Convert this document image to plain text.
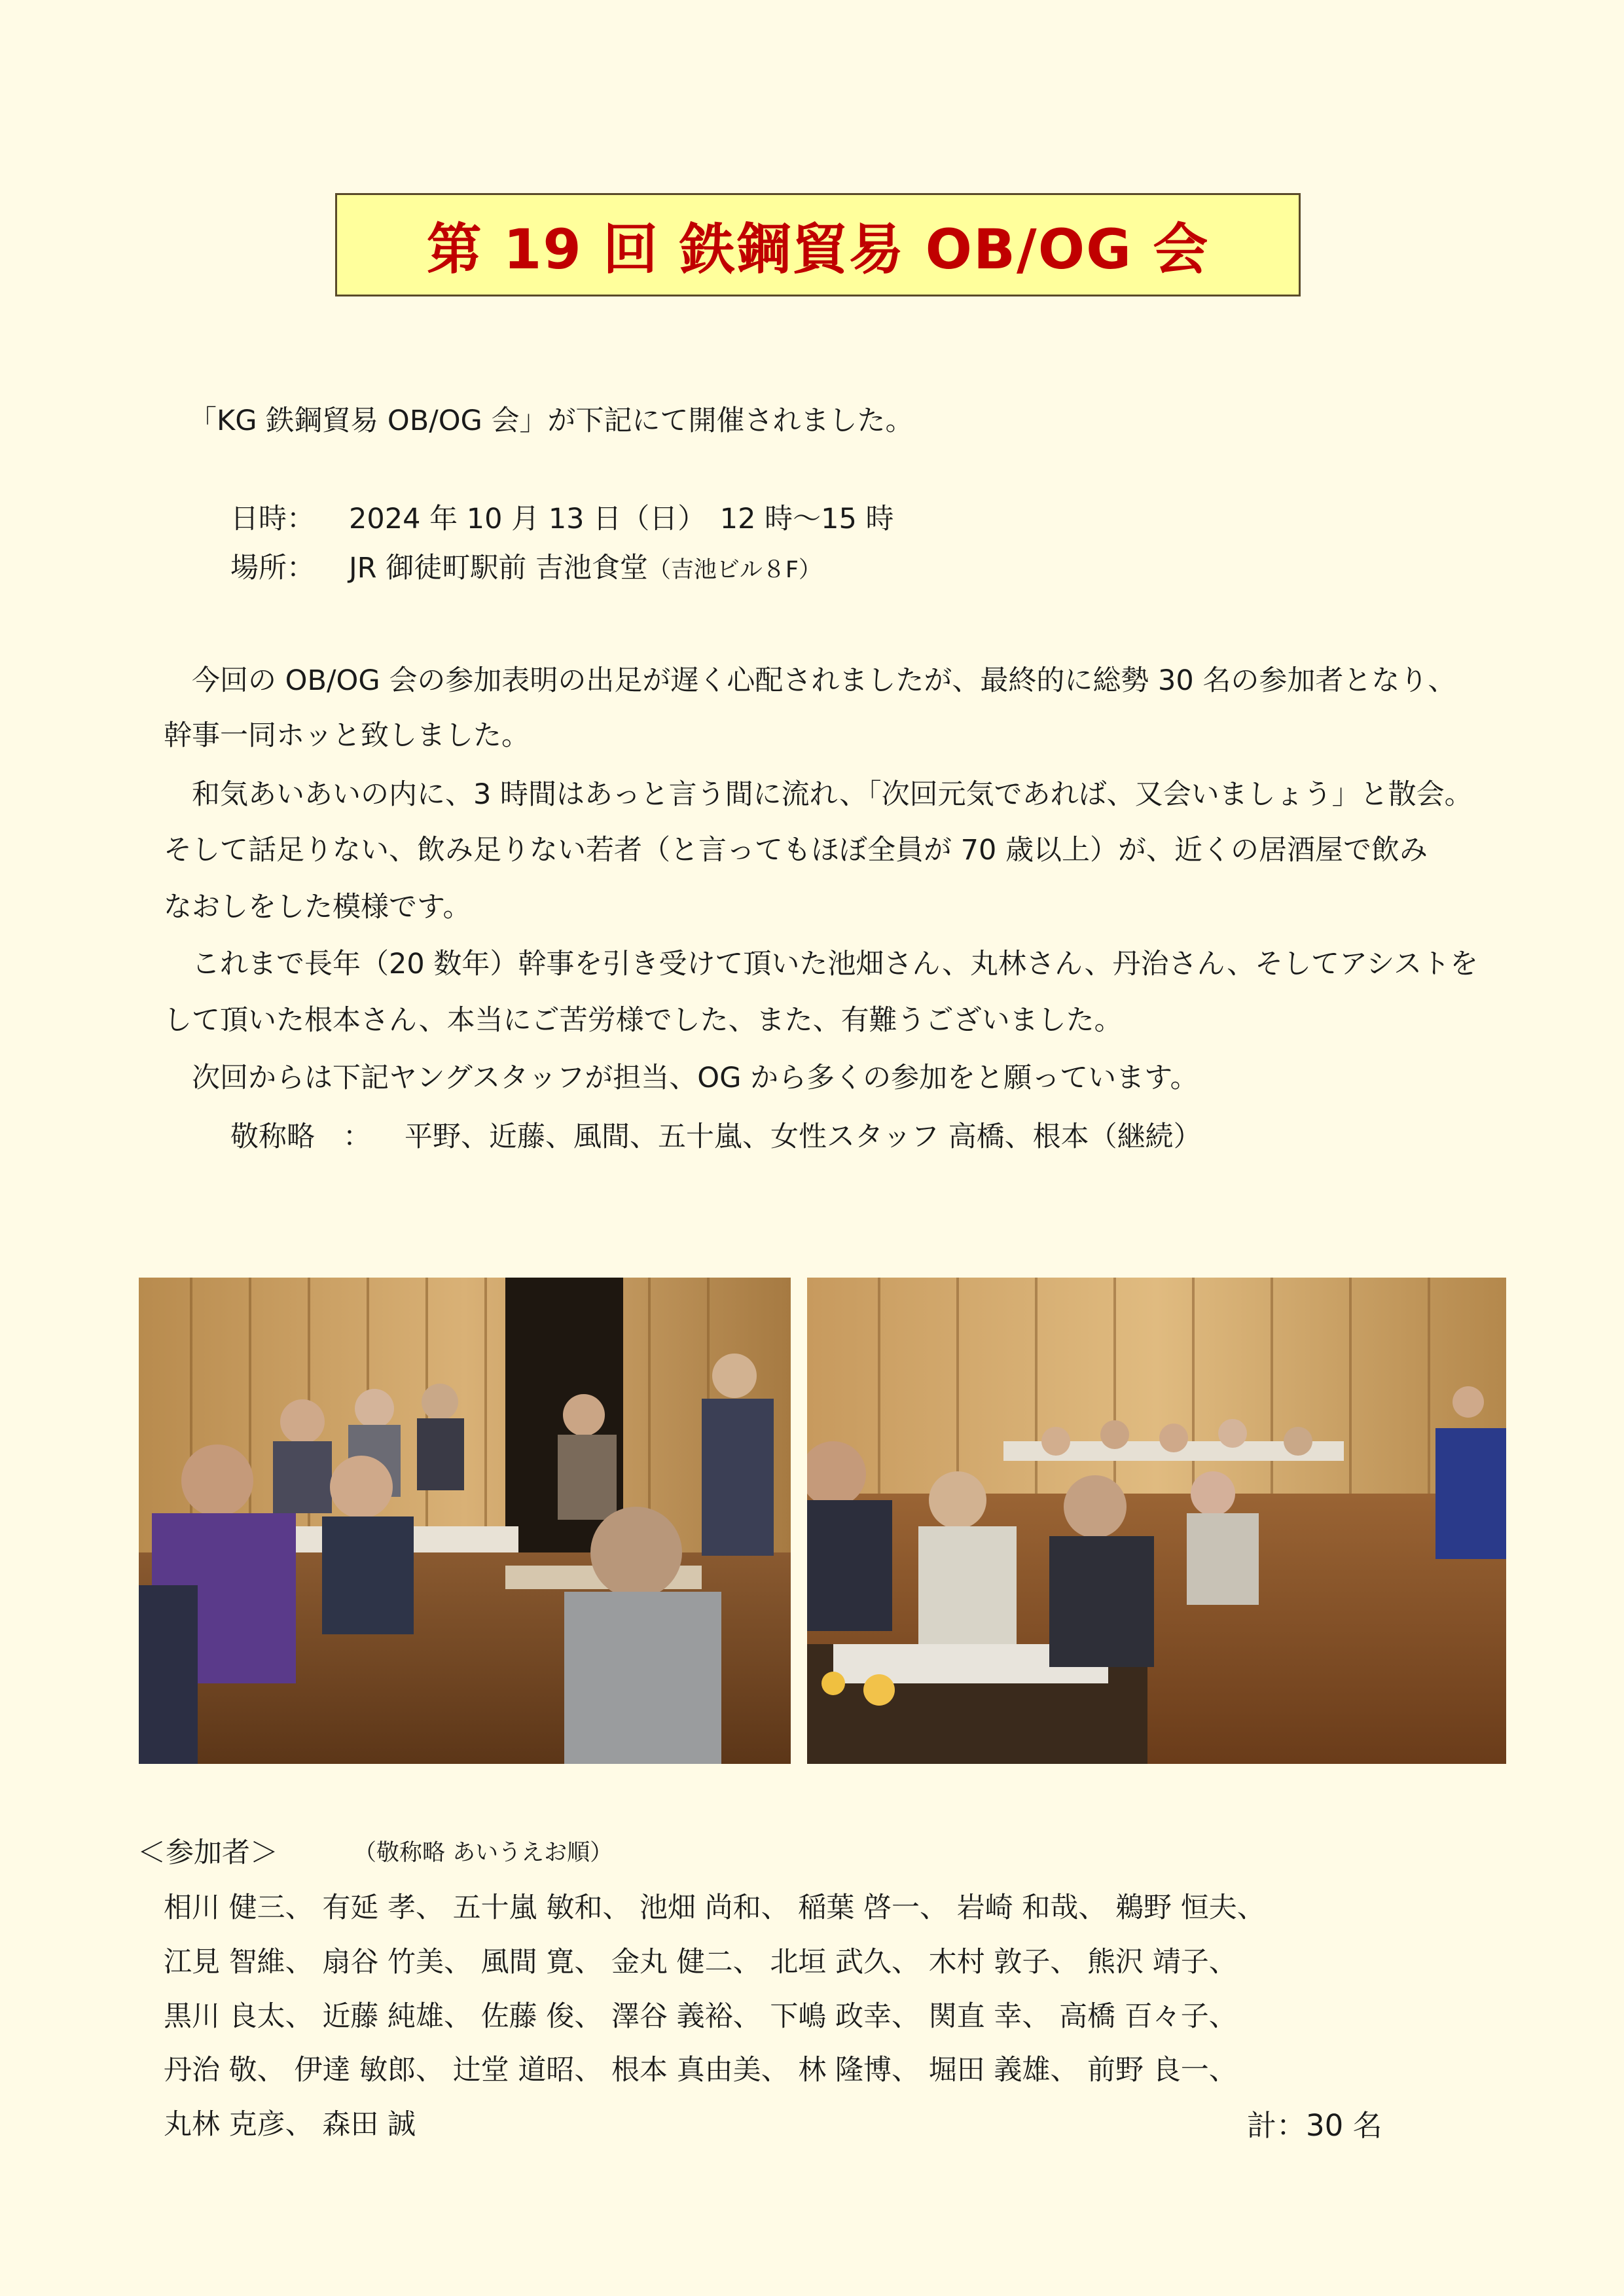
第 19 回 鉄鋼貿易 OB/OG 会
「KG 鉄鋼貿易 OB/OG 会」が下記にて開催されました。
日時： 2024 年 10 月 13 日（日）　12 時～15 時
場所： JR 御徒町駅前 吉池食堂（吉池ビル８F）
　今回の OB/OG 会の参加表明の出足が遅く心配されましたが、最終的に総勢 30 名の参加者となり、
幹事一同ホッと致しました。
　和気あいあいの内に、3 時間はあっと言う間に流れ、「次回元気であれば、又会いましょう」と散会。
そして話足りない、飲み足りない若者（と言ってもほぼ全員が 70 歳以上）が、近くの居酒屋で飲み
なおしをした模様です。
　これまで長年（20 数年）幹事を引き受けて頂いた池畑さん、丸林さん、丹治さん、そしてアシストを
して頂いた根本さん、本当にご苦労様でした、また、有難うございました。
　次回からは下記ヤングスタッフが担当、OG から多くの参加をと願っています。
敬称略　： 平野、近藤、風間、五十嵐、女性スタッフ 高橋、根本（継続）
＜参加者＞	（敬称略 あいうえお順）
相川 健三、 有延 孝、 五十嵐 敏和、 池畑 尚和、 稲葉 啓一、 岩崎 和哉、 鵜野 恒夫、
江見 智維、 扇谷 竹美、 風間 寛、 金丸 健二、 北垣 武久、 木村 敦子、 熊沢 靖子、
黒川 良太、 近藤 純雄、 佐藤 俊、 澤谷 義裕、 下嶋 政幸、 関直 幸、 高橋 百々子、
丹治 敬、 伊達 敏郎、 辻堂 道昭、 根本 真由美、 林 隆博、 堀田 義雄、 前野 良一、
丸林 克彦、 森田 誠	計：30 名
